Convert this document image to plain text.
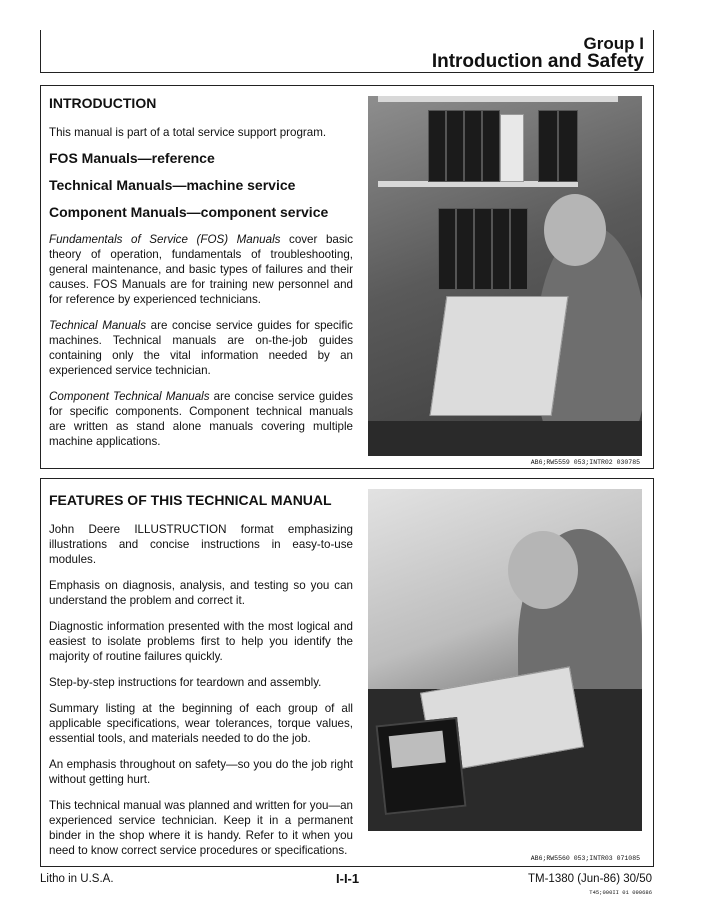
Group I
Introduction and Safety
INTRODUCTION
This manual is part of a total service support program.
FOS Manuals—reference
Technical Manuals—machine service
Component Manuals—component service
Fundamentals of Service (FOS) Manuals cover basic theory of operation, fundamentals of troubleshooting, general maintenance, and basic types of failures and their causes. FOS Manuals are for training new personnel and for reference by experienced technicians.
Technical Manuals are concise service guides for specific machines. Technical manuals are on-the-job guides containing only the vital information needed by an experienced service technician.
Component Technical Manuals are concise service guides for specific components. Component technical manuals are written as stand alone manuals covering multiple machine applications.
AB6;RW5559 053;INTR02 030785
FEATURES OF THIS TECHNICAL MANUAL
John Deere ILLUSTRUCTION format emphasizing illustrations and concise instructions in easy-to-use modules.
Emphasis on diagnosis, analysis, and testing so you can understand the problem and correct it.
Diagnostic information presented with the most logical and easiest to isolate problems first to help you identify the majority of routine failures quickly.
Step-by-step instructions for teardown and assembly.
Summary listing at the beginning of each group of all applicable specifications, wear tolerances, torque values, essential tools, and materials needed to do the job.
An emphasis throughout on safety—so you do the job right without getting hurt.
This technical manual was planned and written for you—an experienced service technician. Keep it in a permanent binder in the shop where it is handy. Refer to it when you need to know correct service procedures or specifications.
AB6;RW5560 053;INTR03 071085
Litho in U.S.A.	I-I-1	TM-1380 (Jun-86) 30/50
T45;000II 01 090686
